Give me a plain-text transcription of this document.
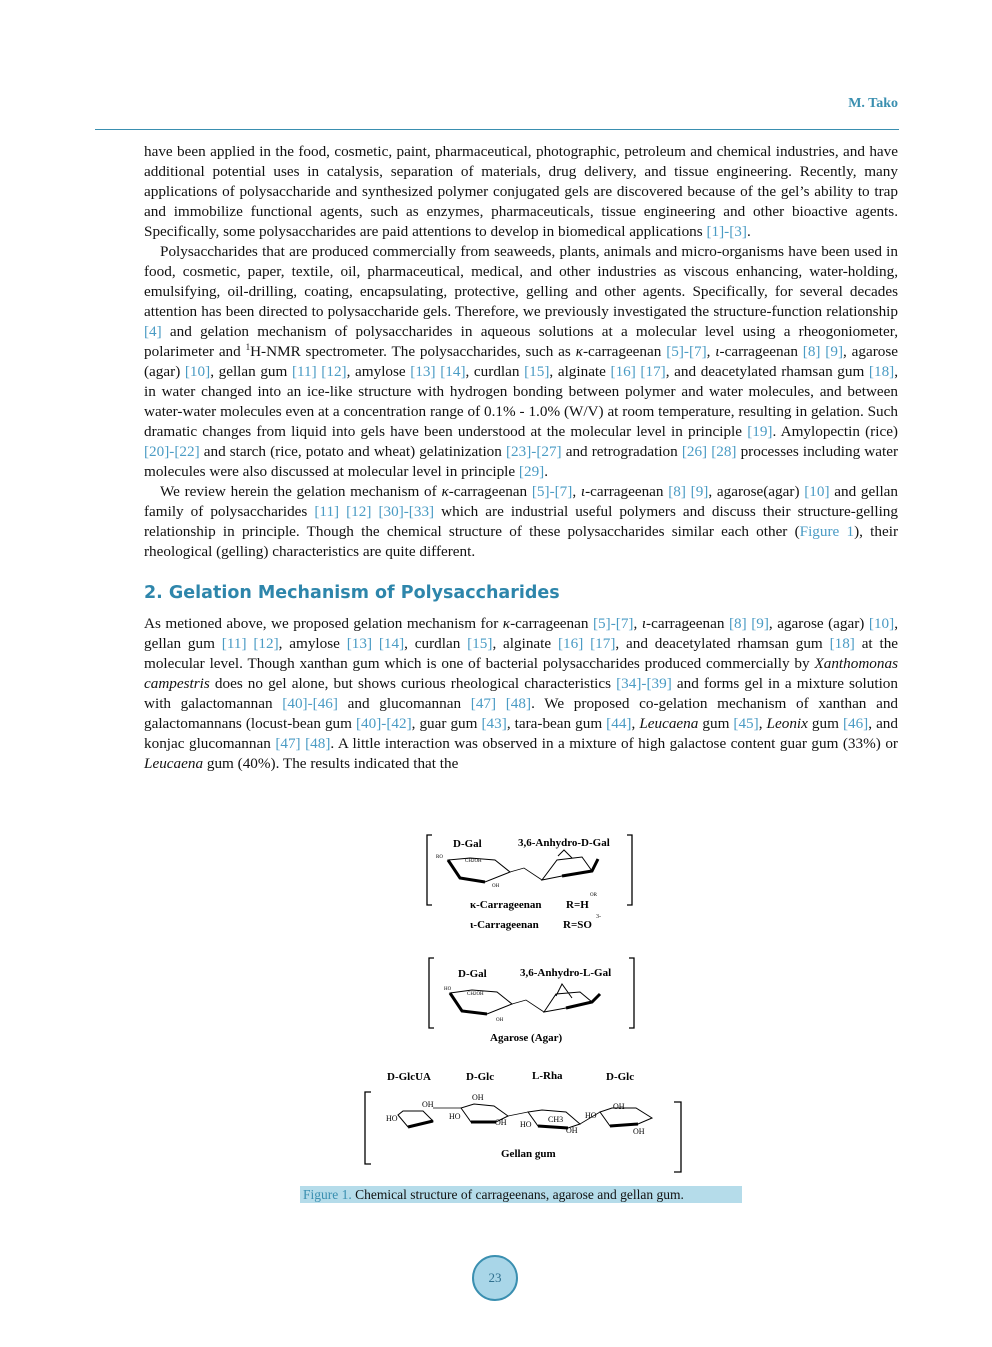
M. Tako

have been applied in the food, cosmetic, paint, pharmaceutical, photographic, petroleum and chemical industries, and have additional potential uses in catalysis, separation of materials, drug delivery, and tissue engineering. Recently, many applications of polysaccharide and synthesized polymer conjugated gels are discovered because of the gel’s ability to trap and immobilize functional agents, such as enzymes, pharmaceuticals, tissue engineering and other bioactive agents. Specifically, some polysaccharides are paid attentions to develop in biomedical applications [1]-[3].

Polysaccharides that are produced commercially from seaweeds, plants, animals and micro-organisms have been used in food, cosmetic, paper, textile, oil, pharmaceutical, medical, and other industries as viscous enhancing, water-holding, emulsifying, oil-drilling, coating, encapsulating, protective, gelling and other agents. Specifically, for several decades attention has been directed to polysaccharide gels. Therefore, we previously investigated the structure-function relationship [4] and gelation mechanism of polysaccharides in aqueous solutions at a molecular level using a rheogoniometer, polarimeter and $^1$H-NMR spectrometer. The polysaccharides, such as κ-carrageenan [5]-[7], ι-carrageenan [8] [9], agarose (agar) [10], gellan gum [11] [12], amylose [13] [14], curdlan [15], alginate [16] [17], and deacetylated rhamsan gum [18], in water changed into an ice-like structure with hydrogen bonding between polymer and water molecules, and between water-water molecules even at a concentration range of 0.1% - 1.0% (W/V) at room temperature, resulting in gelation. Such dramatic changes from liquid into gels have been understood at the molecular level in principle [19]. Amylopectin (rice) [20]-[22] and starch (rice, potato and wheat) gelatinization [23]-[27] and retrogradation [26] [28] processes including water molecules were also discussed at molecular level in principle [29].

We review herein the gelation mechanism of κ-carrageenan [5]-[7], ι-carrageenan [8] [9], agarose(agar) [10] and gellan family of polysaccharides [11] [12] [30]-[33] which are industrial useful polymers and discuss their structure-gelling relationship in principle. Though the chemical structure of these polysaccharides similar each other (Figure 1), their rheological (gelling) characteristics are quite different.

2. Gelation Mechanism of Polysaccharides

As metioned above, we proposed gelation mechanism for κ-carrageenan [5]-[7], ι-carrageenan [8] [9], agarose (agar) [10], gellan gum [11] [12], amylose [13] [14], curdlan [15], alginate [16] [17], and deacetylated rhamsan gum [18] at the molecular level. Though xanthan gum which is one of bacterial polysaccharides produced commercially by Xanthomonas campestris does no gel alone, but shows curious rheological characteristics [34]-[39] and forms gel in a mixture solution with galactomannan [40]-[46] and glucomannan [47] [48]. We proposed co-gelation mechanism of xanthan and galactomannans (locust-bean gum [40]-[42], guar gum [43], tara-bean gum [44], Leucaena gum [45], Leonix gum [46], and konjac glucomannan [47] [48]. A little interaction was observed in a mixture of high galactose content guar gum (33%) or Leucaena gum (40%). The results indicated that the

D-Gal	3,6-Anhydro-D-Gal
RO
CH2OH
OH
OR
κ-Carrageenan R=H
ι-Carrageenan R=SO
3-
D-Gal	3,6-Anhydro-L-Gal
HO
CH2OH
OH
Agarose (Agar)
D-GlcUA	D-Glc	L-Rha	D-Glc
HO
OH
HO
OH
OH HO
CH3
OH
HO
OH
OH
Gellan gum
Figure 1. Chemical structure of carrageenans, agarose and gellan gum.
23
